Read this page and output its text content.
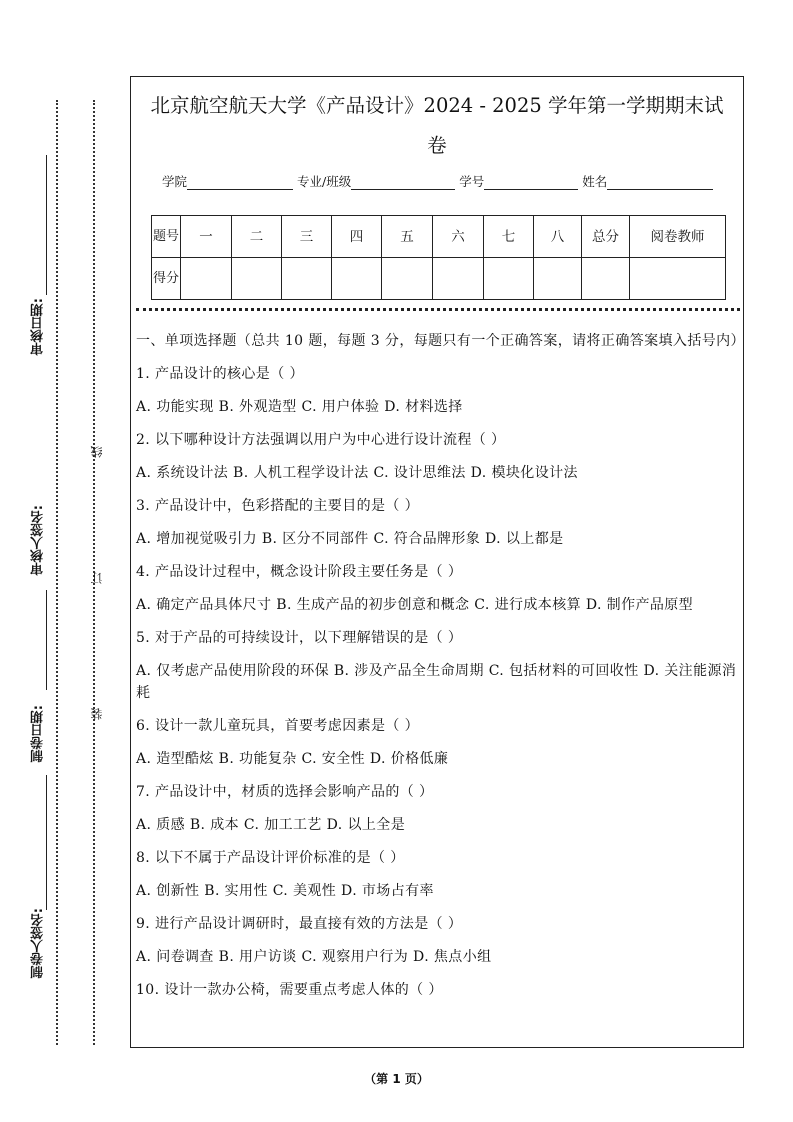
审核日期:
审核人签名:
制卷日期:
制卷人签名:
线
订
装
北京航空航天大学《产品设计》2024 - 2025 学年第一学期期末试
卷
学院	专业/班级	学号	姓名
题号	一	二	三	四	五	六	七	八	总分	阅卷教师
得分										

一、单项选择题（总共 10 题，每题 3 分，每题只有一个正确答案，请将正确答案填入括号内）

1. 产品设计的核心是（ ）

A. 功能实现 B. 外观造型 C. 用户体验 D. 材料选择

2. 以下哪种设计方法强调以用户为中心进行设计流程（ ）

A. 系统设计法 B. 人机工程学设计法 C. 设计思维法 D. 模块化设计法

3. 产品设计中，色彩搭配的主要目的是（ ）

A. 增加视觉吸引力 B. 区分不同部件 C. 符合品牌形象 D. 以上都是

4. 产品设计过程中，概念设计阶段主要任务是（ ）

A. 确定产品具体尺寸 B. 生成产品的初步创意和概念 C. 进行成本核算 D. 制作产品原型

5. 对于产品的可持续设计，以下理解错误的是（ ）

A. 仅考虑产品使用阶段的环保 B. 涉及产品全生命周期 C. 包括材料的可回收性 D. 关注能源消耗

6. 设计一款儿童玩具，首要考虑因素是（ ）

A. 造型酷炫 B. 功能复杂 C. 安全性 D. 价格低廉

7. 产品设计中，材质的选择会影响产品的（ ）

A. 质感 B. 成本 C. 加工工艺 D. 以上全是

8. 以下不属于产品设计评价标准的是（ ）

A. 创新性 B. 实用性 C. 美观性 D. 市场占有率

9. 进行产品设计调研时，最直接有效的方法是（ ）

A. 问卷调查 B. 用户访谈 C. 观察用户行为 D. 焦点小组

10. 设计一款办公椅，需要重点考虑人体的（ ）

（第 1 页）
